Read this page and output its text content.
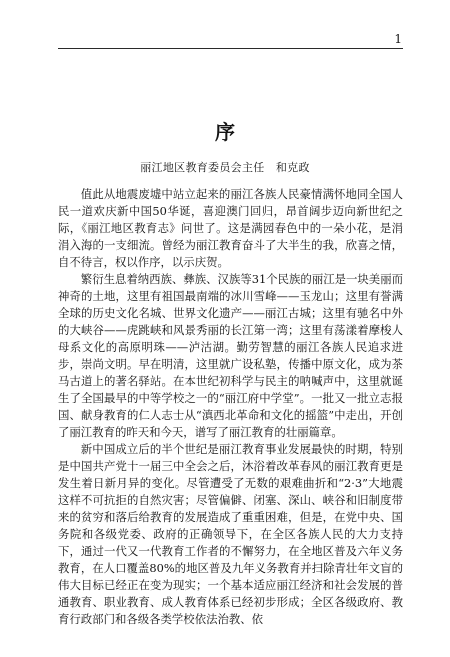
1
序
丽江地区教育委员会主任　和克政

值此从地震废墟中站立起来的丽江各族人民豪情满怀地同全国人民一道欢庆新中国50华诞，喜迎澳门回归，昂首阔步迈向新世纪之际，《丽江地区教育志》问世了。这是满园春色中的一朵小花，是涓涓入海的一支细流。曾经为丽江教育奋斗了大半生的我，欣喜之情，自不待言，权以作序，以示庆贺。

繁衍生息着纳西族、彝族、汉族等31个民族的丽江是一块美丽而神奇的土地，这里有祖国最南端的冰川雪峰——玉龙山；这里有誉满全球的历史文化名城、世界文化遗产——丽江古城；这里有驰名中外的大峡谷——虎跳峡和风景秀丽的长江第一湾；这里有荡漾着摩梭人母系文化的高原明珠——泸沽湖。勤劳智慧的丽江各族人民追求进步，崇尚文明。早在明清，这里就广设私塾，传播中原文化，成为茶马古道上的著名驿站。在本世纪初科学与民主的呐喊声中，这里就诞生了全国最早的中等学校之一的“丽江府中学堂”。一批又一批立志报国、献身教育的仁人志士从“滇西北革命和文化的摇篮”中走出，开创了丽江教育的昨天和今天，谱写了丽江教育的壮丽篇章。

新中国成立后的半个世纪是丽江教育事业发展最快的时期，特别是中国共产党十一届三中全会之后，沐浴着改革春风的丽江教育更是发生着日新月异的变化。尽管遭受了无数的艰难曲折和“2·3”大地震这样不可抗拒的自然灾害；尽管偏僻、闭塞、深山、峡谷和旧制度带来的贫穷和落后给教育的发展造成了重重困难，但是，在党中央、国务院和各级党委、政府的正确领导下，在全区各族人民的大力支持下，通过一代又一代教育工作者的不懈努力，在全地区普及六年义务教育，在人口覆盖80%的地区普及九年义务教育并扫除青壮年文盲的伟大目标已经正在变为现实；一个基本适应丽江经济和社会发展的普通教育、职业教育、成人教育体系已经初步形成；全区各级政府、教育行政部门和各级各类学校依法治教、依
